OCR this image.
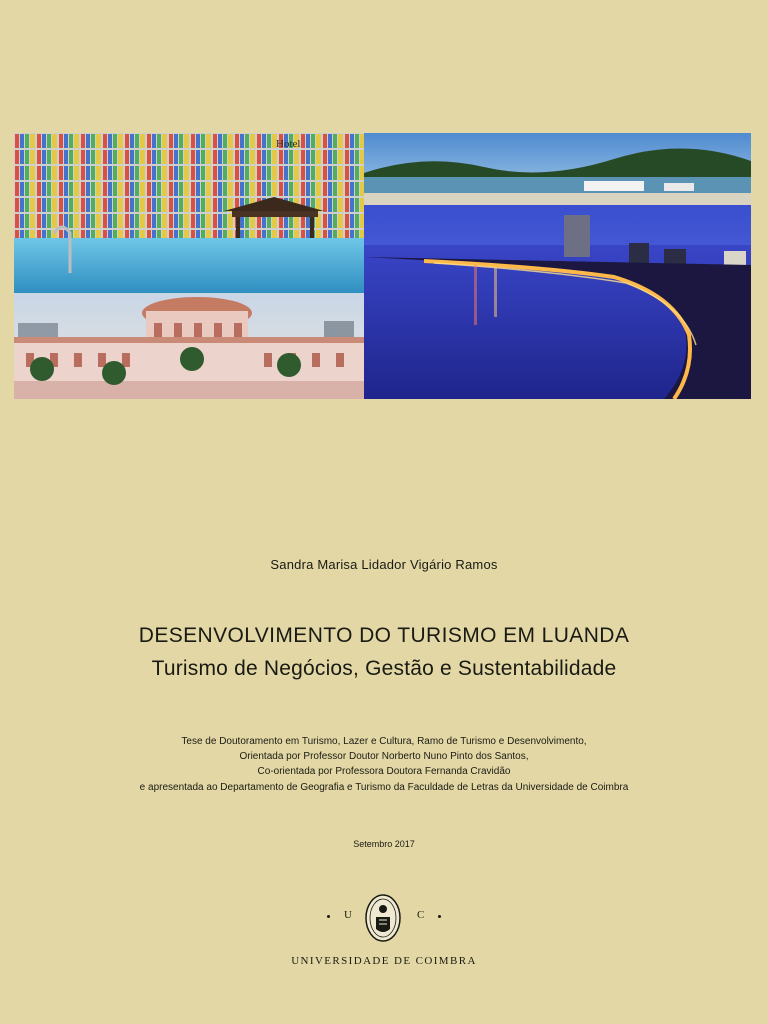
Hotel
Sandra Marisa Lidador Vigário Ramos
DESENVOLVIMENTO DO TURISMO EM LUANDA
Turismo de Negócios, Gestão e Sustentabilidade
Tese de Doutoramento em Turismo, Lazer e Cultura, Ramo de Turismo e Desenvolvimento,
Orientada por Professor Doutor Norberto Nuno Pinto dos Santos,
Co-orientada por Professora Doutora Fernanda Cravidão
e apresentada ao Departamento de Geografia e Turismo da Faculdade de Letras da Universidade de Coimbra
Setembro 2017
U	C
UNIVERSIDADE DE COIMBRA
